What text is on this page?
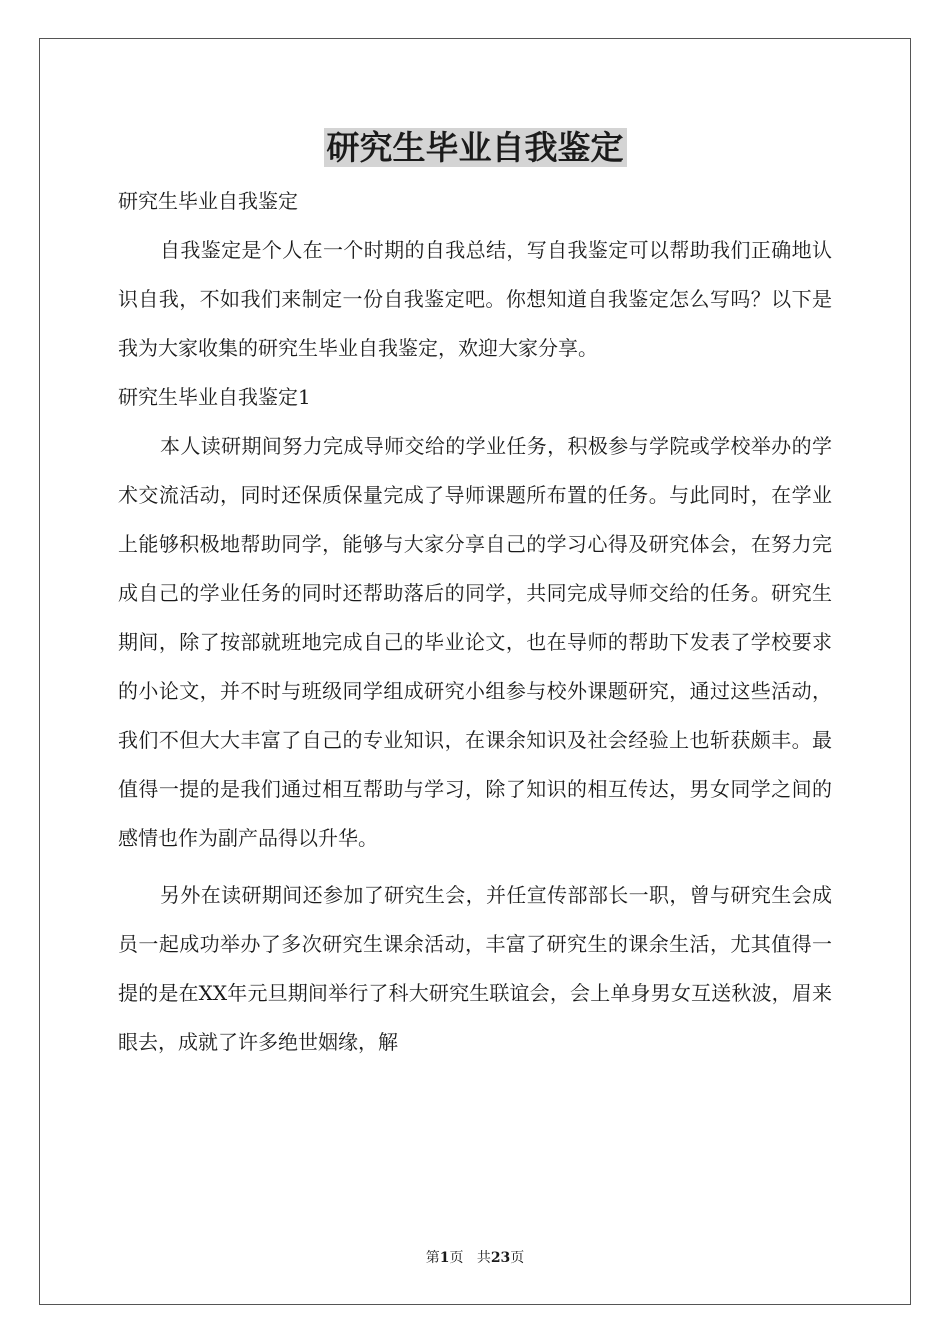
研究生毕业自我鉴定

研究生毕业自我鉴定

自我鉴定是个人在一个时期的自我总结，写自我鉴定可以帮助我们正确地认识自我，不如我们来制定一份自我鉴定吧。你想知道自我鉴定怎么写吗？以下是我为大家收集的研究生毕业自我鉴定，欢迎大家分享。

研究生毕业自我鉴定1

本人读研期间努力完成导师交给的学业任务，积极参与学院或学校举办的学术交流活动，同时还保质保量完成了导师课题所布置的任务。与此同时，在学业上能够积极地帮助同学，能够与大家分享自己的学习心得及研究体会，在努力完成自己的学业任务的同时还帮助落后的同学，共同完成导师交给的任务。研究生期间，除了按部就班地完成自己的毕业论文，也在导师的帮助下发表了学校要求的小论文，并不时与班级同学组成研究小组参与校外课题研究，通过这些活动，我们不但大大丰富了自己的专业知识，在课余知识及社会经验上也斩获颇丰。最值得一提的是我们通过相互帮助与学习，除了知识的相互传达，男女同学之间的感情也作为副产品得以升华。

另外在读研期间还参加了研究生会，并任宣传部部长一职，曾与研究生会成员一起成功举办了多次研究生课余活动，丰富了研究生的课余生活，尤其值得一提的是在XX年元旦期间举行了科大研究生联谊会，会上单身男女互送秋波，眉来眼去，成就了许多绝世姻缘，解

第1页 共23页
